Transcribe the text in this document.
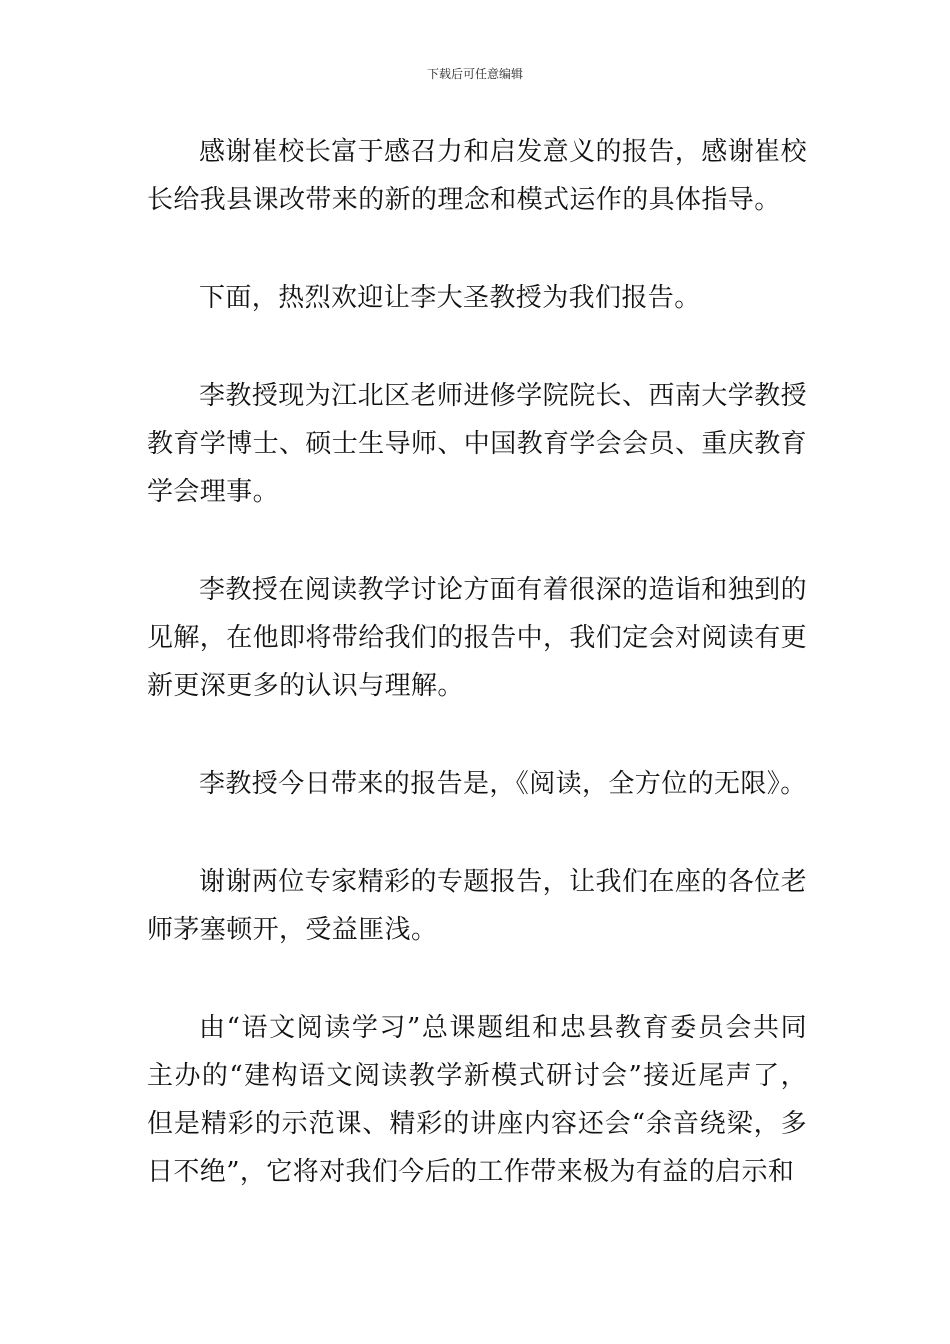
下载后可任意编辑

感谢崔校长富于感召力和启发意义的报告，感谢崔校长给我县课改带来的新的理念和模式运作的具体指导。

下面，热烈欢迎让李大圣教授为我们报告。

李教授现为江北区老师进修学院院长、西南大学教授教育学博士、硕士生导师、中国教育学会会员、重庆教育学会理事。

李教授在阅读教学讨论方面有着很深的造诣和独到的见解，在他即将带给我们的报告中，我们定会对阅读有更新更深更多的认识与理解。

李教授今日带来的报告是，《阅读，全方位的无限》。

谢谢两位专家精彩的专题报告，让我们在座的各位老师茅塞顿开，受益匪浅。

由“语文阅读学习”总课题组和忠县教育委员会共同主办的“建构语文阅读教学新模式研讨会”接近尾声了，但是精彩的示范课、精彩的讲座内容还会“余音绕梁，多日不绝”，它将对我们今后的工作带来极为有益的启示和
